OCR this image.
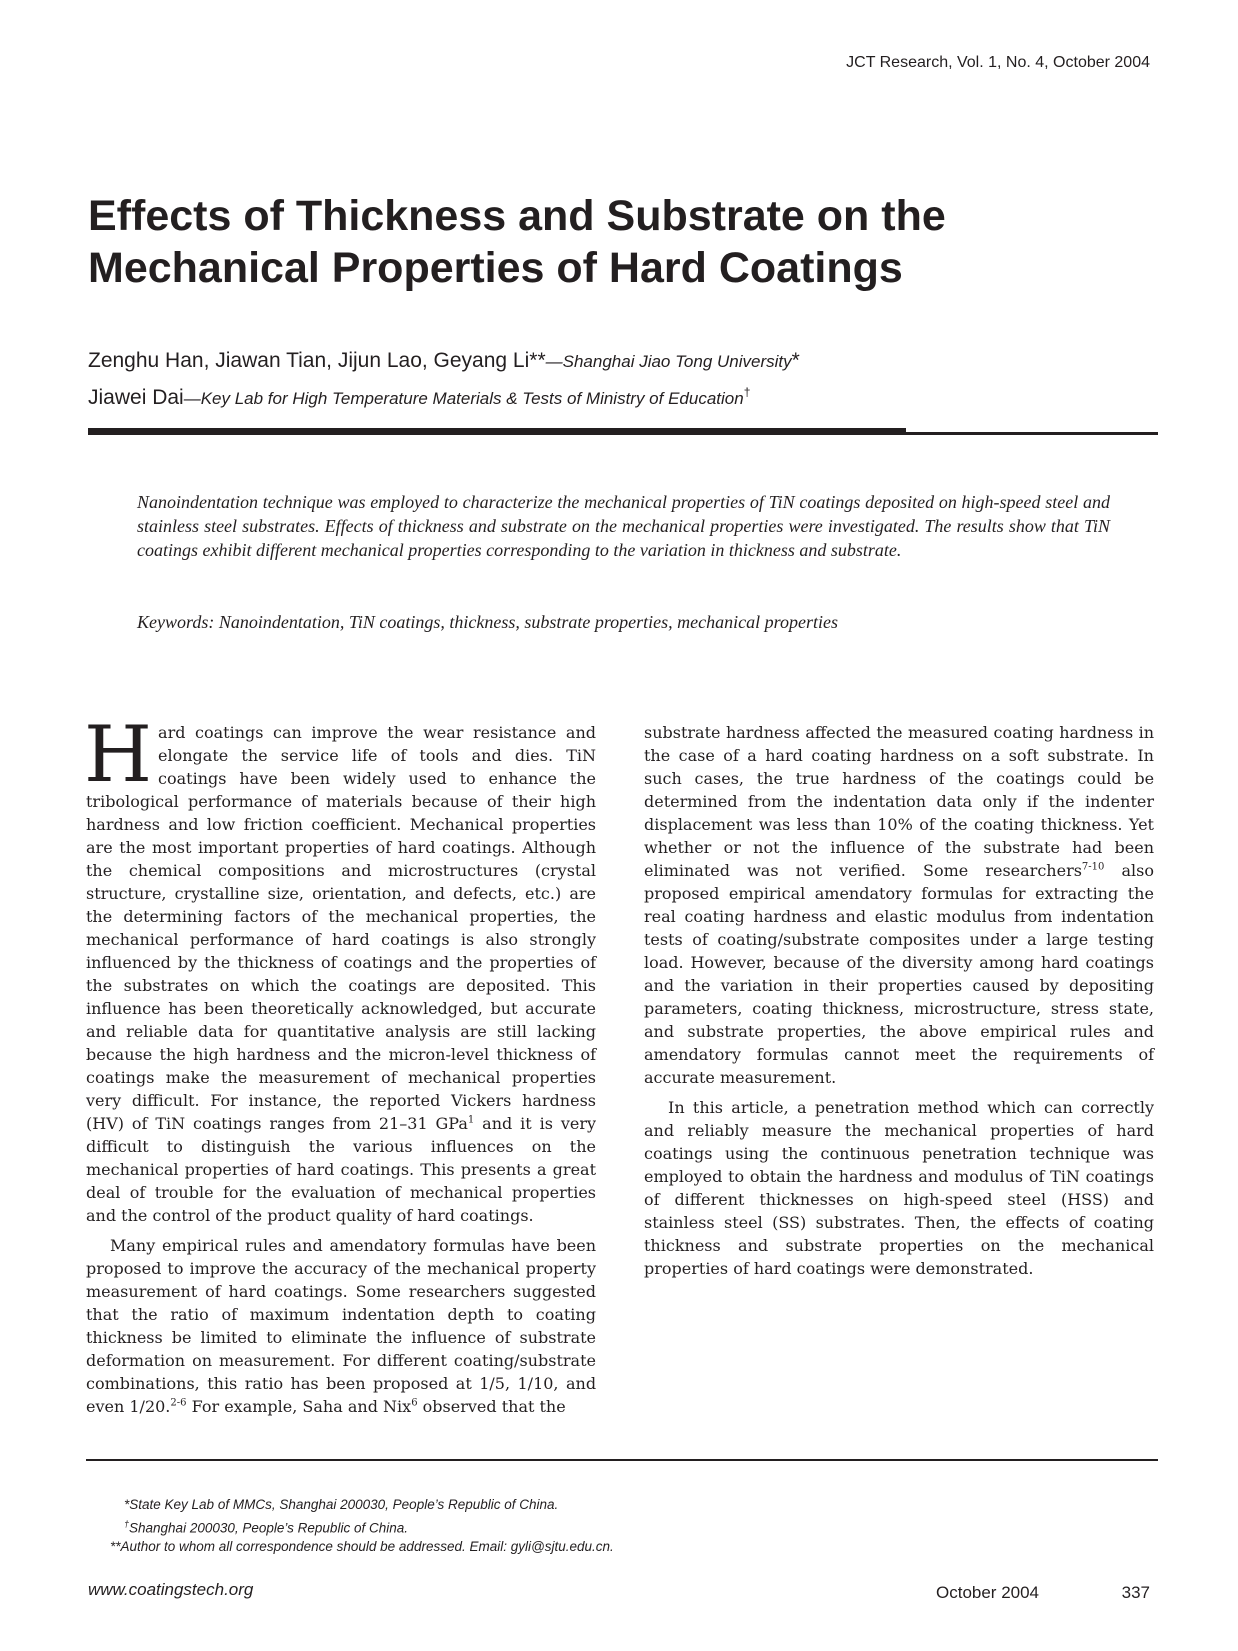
JCT Research, Vol. 1, No. 4, October 2004
Effects of Thickness and Substrate on the
Mechanical Properties of Hard Coatings
Zenghu Han, Jiawan Tian, Jijun Lao, Geyang Li**—Shanghai Jiao Tong University*
Jiawei Dai—Key Lab for High Temperature Materials & Tests of Ministry of Education†

Nanoindentation technique was employed to characterize the mechanical properties of TiN coatings deposited on high-speed steel and stainless steel substrates. Effects of thickness and substrate on the mechanical properties were investigated. The results show that TiN coatings exhibit different mechanical properties corresponding to the variation in thickness and substrate.

Keywords: Nanoindentation, TiN coatings, thickness, substrate properties, mechanical properties

Hard coatings can improve the wear resistance and elongate the service life of tools and dies. TiN coatings have been widely used to enhance the tribological performance of materials because of their high hardness and low friction coefficient. Mechanical properties are the most important properties of hard coatings. Although the chemical compositions and microstructures (crystal structure, crystalline size, orientation, and defects, etc.) are the determining factors of the mechanical properties, the mechanical performance of hard coatings is also strongly influenced by the thickness of coatings and the properties of the substrates on which the coatings are deposited. This influence has been theoretically acknowledged, but accurate and reliable data for quantitative analysis are still lacking because the high hardness and the micron-level thickness of coatings make the measurement of mechanical properties very difficult. For instance, the reported Vickers hardness (HV) of TiN coatings ranges from 21–31 GPa$^1$ and it is very difficult to distinguish the various influences on the mechanical properties of hard coatings. This presents a great deal of trouble for the evaluation of mechanical properties and the control of the product quality of hard coatings.

Many empirical rules and amendatory formulas have been proposed to improve the accuracy of the mechanical property measurement of hard coatings. Some researchers suggested that the ratio of maximum indentation depth to coating thickness be limited to eliminate the influence of substrate deformation on measurement. For different coating/substrate combinations, this ratio has been proposed at 1/5, 1/10, and even 1/20.$^{2-6}$ For example, Saha and Nix$^6$ observed that the

substrate hardness affected the measured coating hardness in the case of a hard coating hardness on a soft substrate. In such cases, the true hardness of the coatings could be determined from the indentation data only if the indenter displacement was less than 10% of the coating thickness. Yet whether or not the influence of the substrate had been eliminated was not verified. Some researchers$^{7-10}$ also proposed empirical amendatory formulas for extracting the real coating hardness and elastic modulus from indentation tests of coating/substrate composites under a large testing load. However, because of the diversity among hard coatings and the variation in their properties caused by depositing parameters, coating thickness, microstructure, stress state, and substrate properties, the above empirical rules and amendatory formulas cannot meet the requirements of accurate measurement.

In this article, a penetration method which can correctly and reliably measure the mechanical properties of hard coatings using the continuous penetration technique was employed to obtain the hardness and modulus of TiN coatings of different thicknesses on high-speed steel (HSS) and stainless steel (SS) substrates. Then, the effects of coating thickness and substrate properties on the mechanical properties of hard coatings were demonstrated.

*State Key Lab of MMCs, Shanghai 200030, People’s Republic of China.
†Shanghai 200030, People’s Republic of China.
**Author to whom all correspondence should be addressed. Email: gyli@sjtu.edu.cn.
www.coatingstech.org	October 2004	337
